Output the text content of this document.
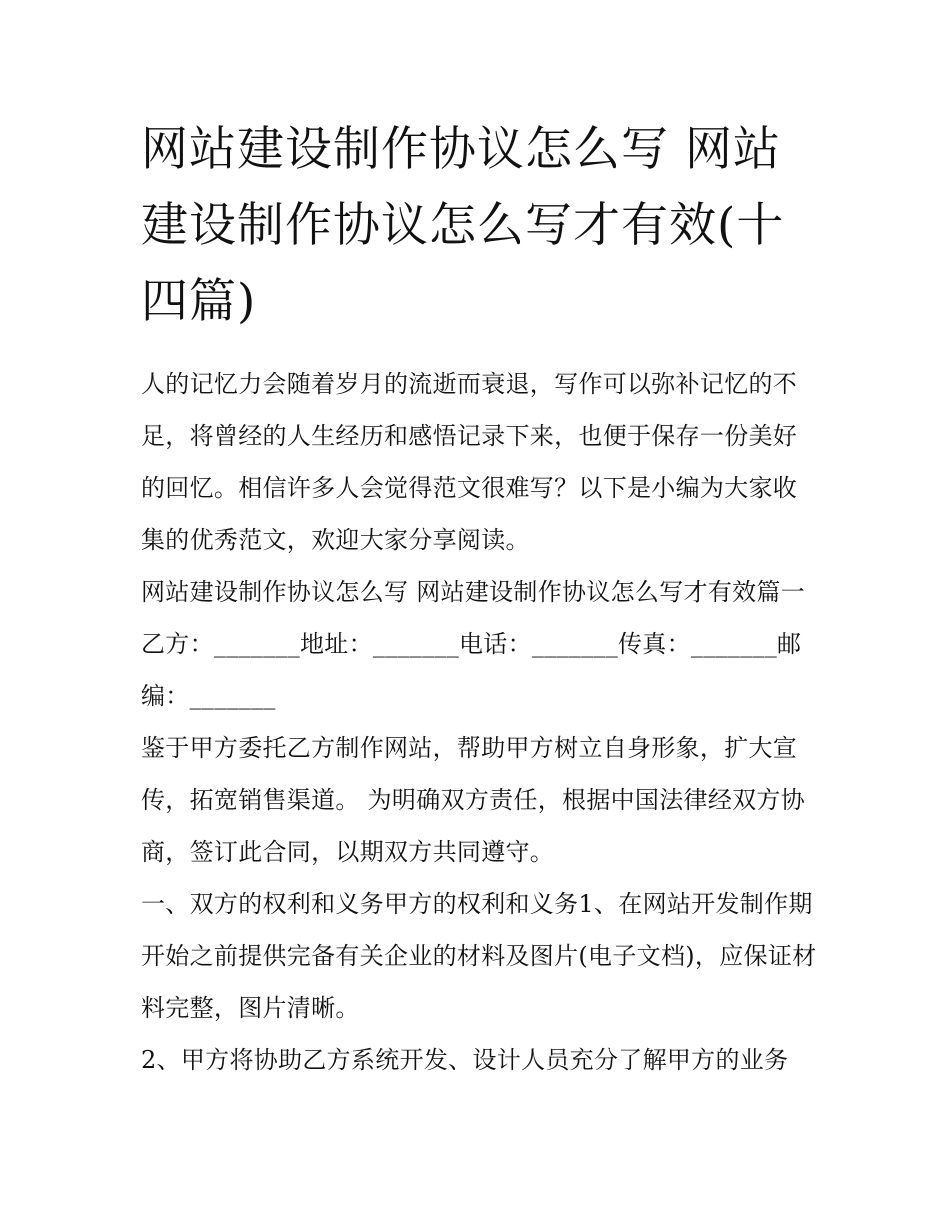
网站建设制作协议怎么写 网站建设制作协议怎么写才有效(十四篇)

人的记忆力会随着岁月的流逝而衰退，写作可以弥补记忆的不足，将曾经的人生经历和感悟记录下来，也便于保存一份美好的回忆。相信许多人会觉得范文很难写？以下是小编为大家收集的优秀范文，欢迎大家分享阅读。

网站建设制作协议怎么写 网站建设制作协议怎么写才有效篇一

乙方：_______地址：_______电话：_______传真：_______邮编：_______

鉴于甲方委托乙方制作网站，帮助甲方树立自身形象，扩大宣传，拓宽销售渠道。 为明确双方责任，根据中国法律经双方协商，签订此合同，以期双方共同遵守。

一、双方的权利和义务甲方的权利和义务1、在网站开发制作期开始之前提供完备有关企业的材料及图片(电子文档)，应保证材料完整，图片清晰。

2、甲方将协助乙方系统开发、设计人员充分了解甲方的业务
